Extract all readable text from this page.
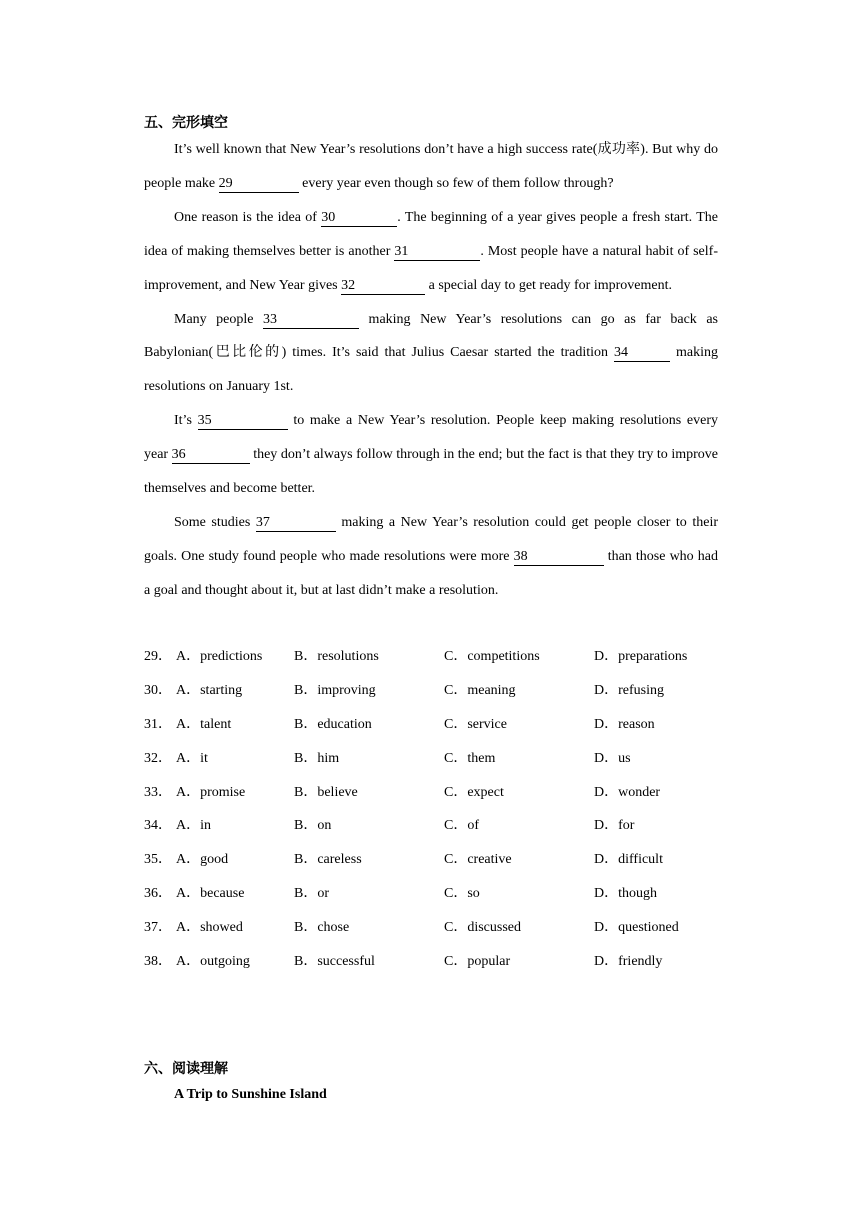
五、完形填空

It’s well known that New Year’s resolutions don’t have a high success rate(成功率). But why do people make 29	every year even though so few of them follow through?

One reason is the idea of 30	. The beginning of a year gives people a fresh start. The idea of making themselves better is another 31	. Most people have a natural habit of self-improvement, and New Year gives 32	a special day to get ready for improvement.

Many people 33	making New Year’s resolutions can go as far back as Babylonian(巴比伦的) times. It’s said that Julius Caesar started the tradition 34	making resolutions on January 1st.

It’s 35	to make a New Year’s resolution. People keep making resolutions every year 36	they don’t always follow through in the end; but the fact is that they try to improve themselves and become better.

Some studies 37	making a New Year’s resolution could get people closer to their goals. One study found people who made resolutions were more 38	than those who had a goal and thought about it, but at last didn’t make a resolution.

29． A．predictions B．resolutions	C．competitions	D．preparations
30． A．starting	B．improving	C．meaning	D．refusing
31． A．talent	B．education	C．service	D．reason
32． A．it	B．him	C．them	D．us
33． A．promise	B．believe	C．expect	D．wonder
34． A．in	B．on	C．of	D．for
35． A．good	B．careless	C．creative	D．difficult
36． A．because	B．or	C．so	D．though
37． A．showed	B．chose	C．discussed	D．questioned
38． A．outgoing	B．successful	C．popular	D．friendly
六、阅读理解
A Trip to Sunshine Island
